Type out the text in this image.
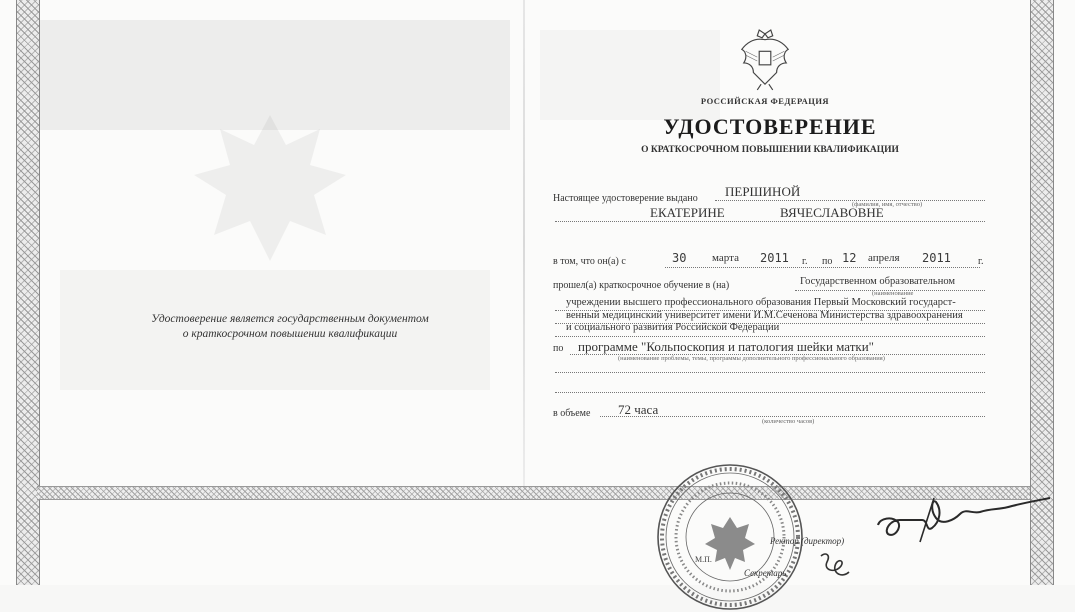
Удостоверение является государственным документом
о краткосрочном повышении квалификации
РОССИЙСКАЯ ФЕДЕРАЦИЯ
УДОСТОВЕРЕНИЕ
О КРАТКОСРОЧНОМ ПОВЫШЕНИИ КВАЛИФИКАЦИИ
Настоящее удостоверение выдано ПЕРШИНОЙ
(фамилия, имя, отчество)
ЕКАТЕРИНЕ	ВЯЧЕСЛАВОВНЕ
в том, что он(а) с	30 марта 2011 г. по 12 апреля 2011	г.
прошел(а) краткосрочное обучение в (на)	Государственном образовательном
(наименование
учреждении высшего профессионального образования Первый Московский государст-
венный медицинский университет имени И.М.Сеченова Министерства здравоохранения
и социального развития Российской Федерации
по программе "Кольпоскопия и патология шейки матки"
(наименование проблемы, темы, программы дополнительного профессионального образования)
в объеме 72 часа
(количество часов)
М.П.
Ректор (директор)
Секретарь
